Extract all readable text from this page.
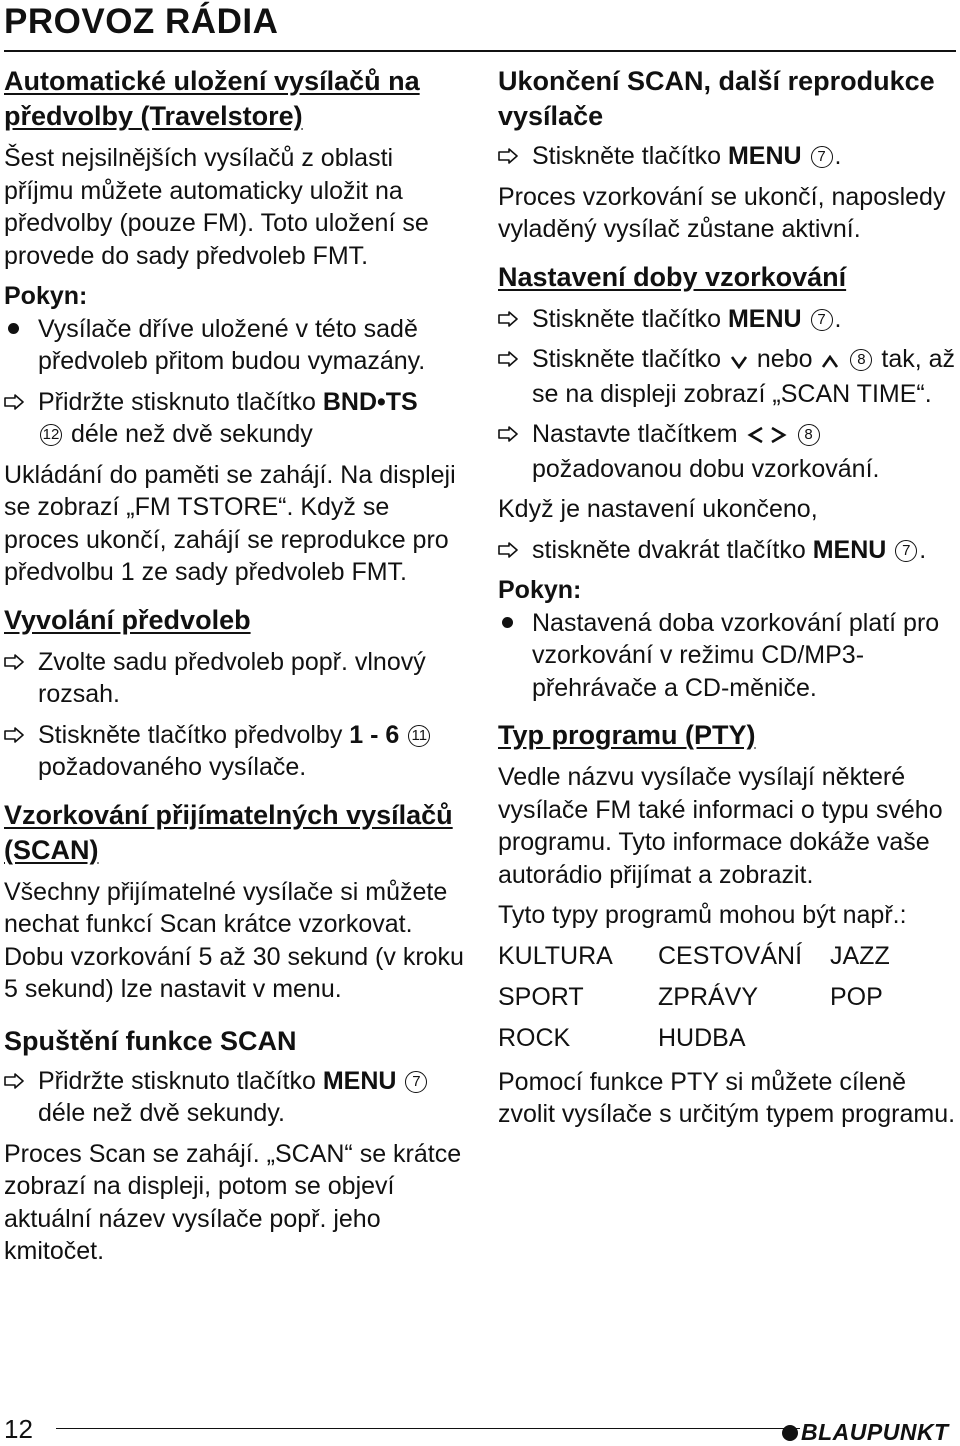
PROVOZ RÁDIA
Automatické uložení vysílačů na předvolby (Travelstore)

Šest nejsilnějších vysílačů z oblasti příjmu můžete automaticky uložit na předvolby (pouze FM). Toto uložení se provede do sady předvoleb FMT.

Pokyn:
Vysílače dříve uložené v této sadě předvoleb přitom budou vymazány.
Přidržte stisknuto tlačítko BND•TS
12 déle než dvě sekundy

Ukládání do paměti se zahájí. Na displeji se zobrazí „FM TSTORE“. Když se proces ukončí, zahájí se reprodukce pro předvolbu 1 ze sady předvoleb FMT.

Vyvolání předvoleb
Zvolte sadu předvoleb popř. vlnový rozsah.
Stiskněte tlačítko předvolby 1 - 6 11
požadovaného vysílače.
Vzorkování přijímatelných vysílačů (SCAN)

Všechny přijímatelné vysílače si můžete nechat funkcí Scan krátce vzorkovat. Dobu vzorkování 5 až 30 sekund (v kroku 5 sekund) lze nastavit v menu.

Spuštění funkce SCAN
Přidržte stisknuto tlačítko MENU 7
déle než dvě sekundy.

Proces Scan se zahájí. „SCAN“ se krátce zobrazí na displeji, potom se objeví aktuální název vysílače popř. jeho kmitočet.

Ukončení SCAN, další reprodukce vysílače
Stiskněte tlačítko MENU 7 .

Proces vzorkování se ukončí, naposledy vyladěný vysílač zůstane aktivní.

Nastavení doby vzorkování
Stiskněte tlačítko MENU 7 .
Stiskněte tlačítko nebo	8 tak, až se na displeji zobrazí „SCAN TIME“.
Nastavte tlačítkem	8 požadovanou dobu vzorkování.

Když je nastavení ukončeno,

stiskněte dvakrát tlačítko MENU 7 .
Pokyn:
Nastavená doba vzorkování platí pro vzorkování v režimu CD/MP3-přehrávače a CD-měniče.
Typ programu (PTY)

Vedle názvu vysílače vysílají některé vysílače FM také informaci o typu svého programu. Tyto informace dokáže vaše autorádio přijímat a zobrazit.

Tyto typy programů mohou být např.:

KULTURA	CESTOVÁNÍ	JAZZ
SPORT	ZPRÁVY	POP
ROCK	HUDBA

Pomocí funkce PTY si můžete cíleně zvolit vysílače s určitým typem programu.

12	BLAUPUNKT
